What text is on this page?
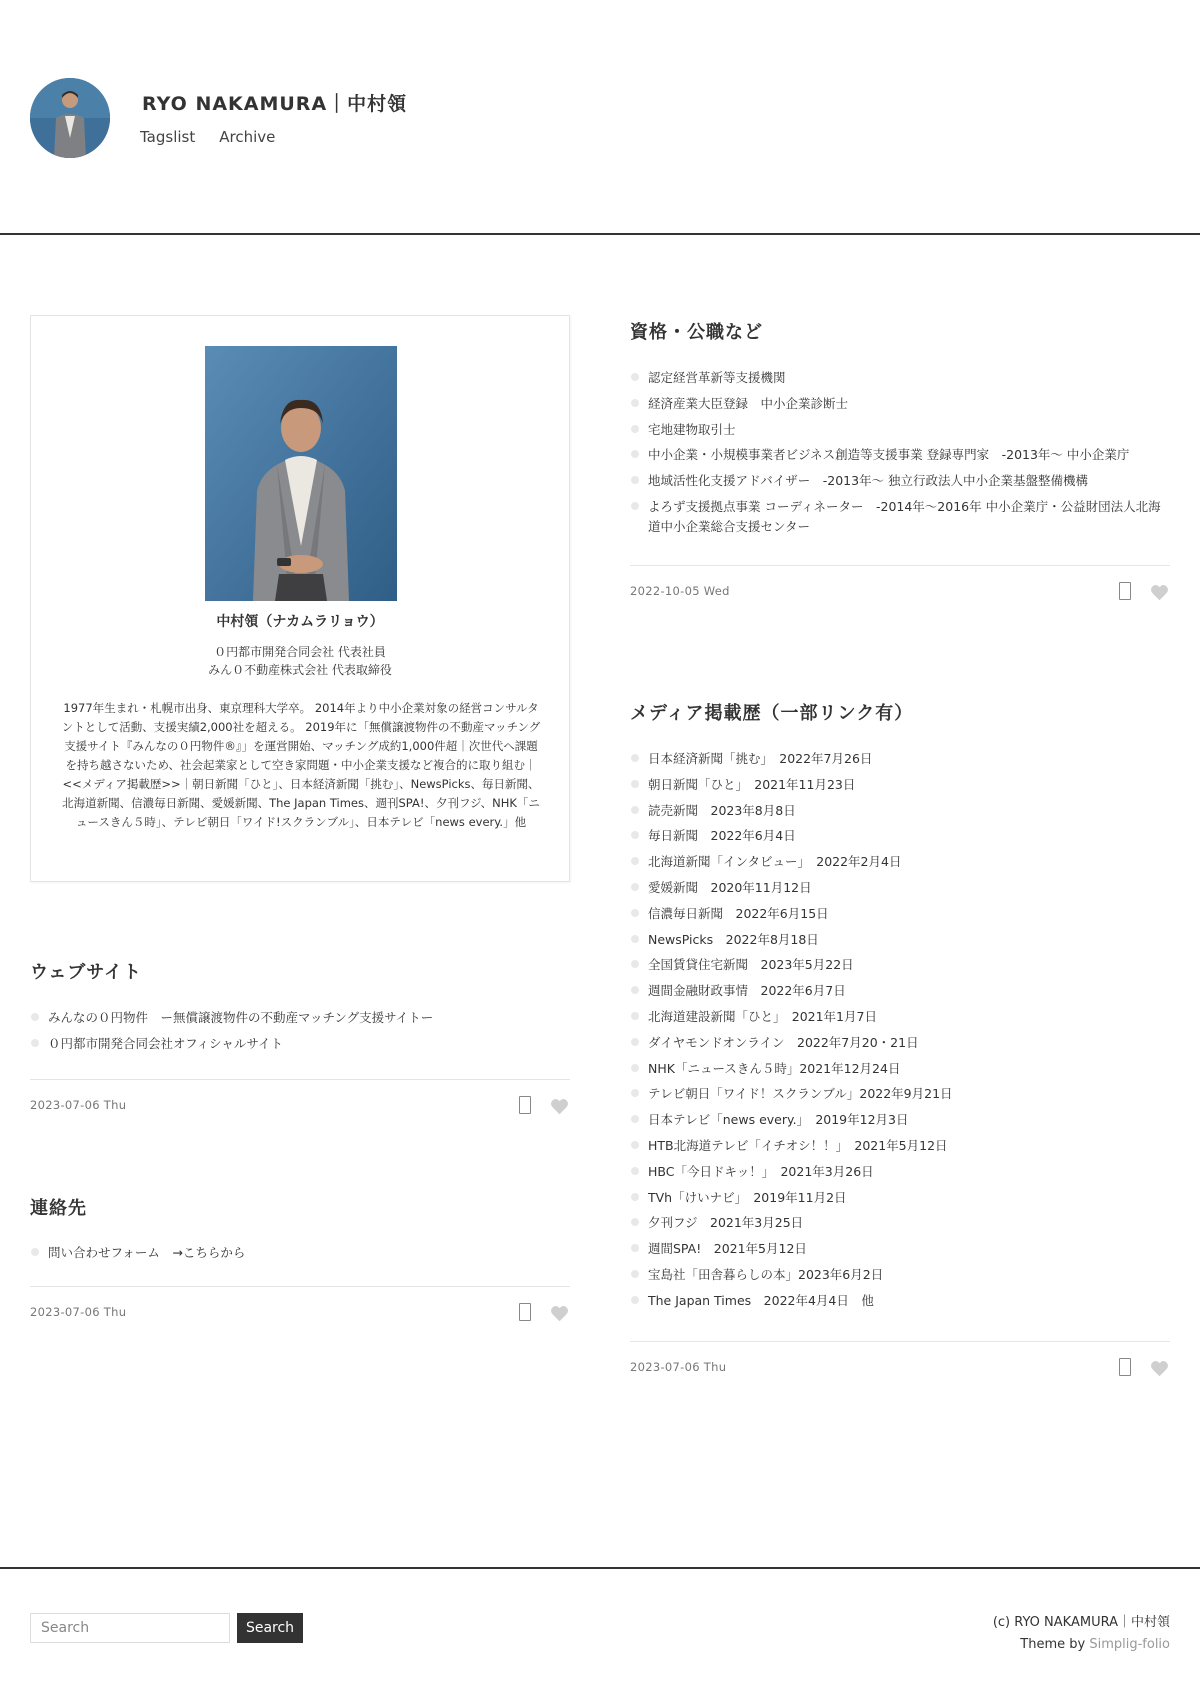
RYO NAKAMURA｜中村領
Tagslist Archive
中村領（ナカムラリョウ）
０円都市開発合同会社 代表社員
みん０不動産株式会社 代表取締役
1977年生まれ・札幌市出身、東京理科大学卒。 2014年より中小企業対象の経営コンサルタントとして活動、支援実績2,000社を超える。 2019年に「無償譲渡物件の不動産マッチング支援サイト『みんなの０円物件®』」を運営開始、マッチング成約1,000件超｜次世代へ課題を持ち越さないため、社会起業家として空き家問題・中小企業支援など複合的に取り組む｜<<メディア掲載歴>>｜朝日新聞「ひと」、日本経済新聞「挑む」、NewsPicks、毎日新聞、北海道新聞、信濃毎日新聞、愛媛新聞、The Japan Times、週刊SPA!、夕刊フジ、NHK「ニュースきん５時」、テレビ朝日「ワイド!スクランブル」、日本テレビ「news every.」他
ウェブサイト
みんなの０円物件　ー無償譲渡物件の不動産マッチング支援サイトー
０円都市開発合同会社オフィシャルサイト
2023-07-06 Thu
連絡先
問い合わせフォーム　→こちらから
2023-07-06 Thu
資格・公職など
認定経営革新等支援機関
経済産業大臣登録　中小企業診断士
宅地建物取引士
中小企業・小規模事業者ビジネス創造等支援事業 登録専門家　-2013年〜 中小企業庁
地域活性化支援アドバイザー　-2013年〜 独立行政法人中小企業基盤整備機構
よろず支援拠点事業 コーディネーター　-2014年〜2016年 中小企業庁・公益財団法人北海道中小企業総合支援センター
2022-10-05 Wed
メディア掲載歴（一部リンク有）
日本経済新聞「挑む」　2022年7月26日
朝日新聞「ひと」　2021年11月23日
読売新聞　2023年8月8日
毎日新聞　2022年6月4日
北海道新聞「インタビュー」　2022年2月4日
愛媛新聞　2020年11月12日
信濃毎日新聞　2022年6月15日
NewsPicks　2022年8月18日
全国賃貸住宅新聞　2023年5月22日
週間金融財政事情　2022年6月7日
北海道建設新聞「ひと」　2021年1月7日
ダイヤモンドオンライン　2022年7月20・21日
NHK「ニュースきん５時」2021年12月24日
テレビ朝日「ワイド！スクランブル」2022年9月21日
日本テレビ「news every.」　2019年12月3日
HTB北海道テレビ「イチオシ！！」　2021年5月12日
HBC「今日ドキッ！」　2021年3月26日
TVh「けいナビ」　2019年11月2日
夕刊フジ　2021年3月25日
週間SPA!　2021年5月12日
宝島社「田舎暮らしの本」2023年6月2日
The Japan Times　2022年4月4日　他
2023-07-06 Thu
Search
Search	(c) RYO NAKAMURA｜中村領
Theme by Simplig-folio
